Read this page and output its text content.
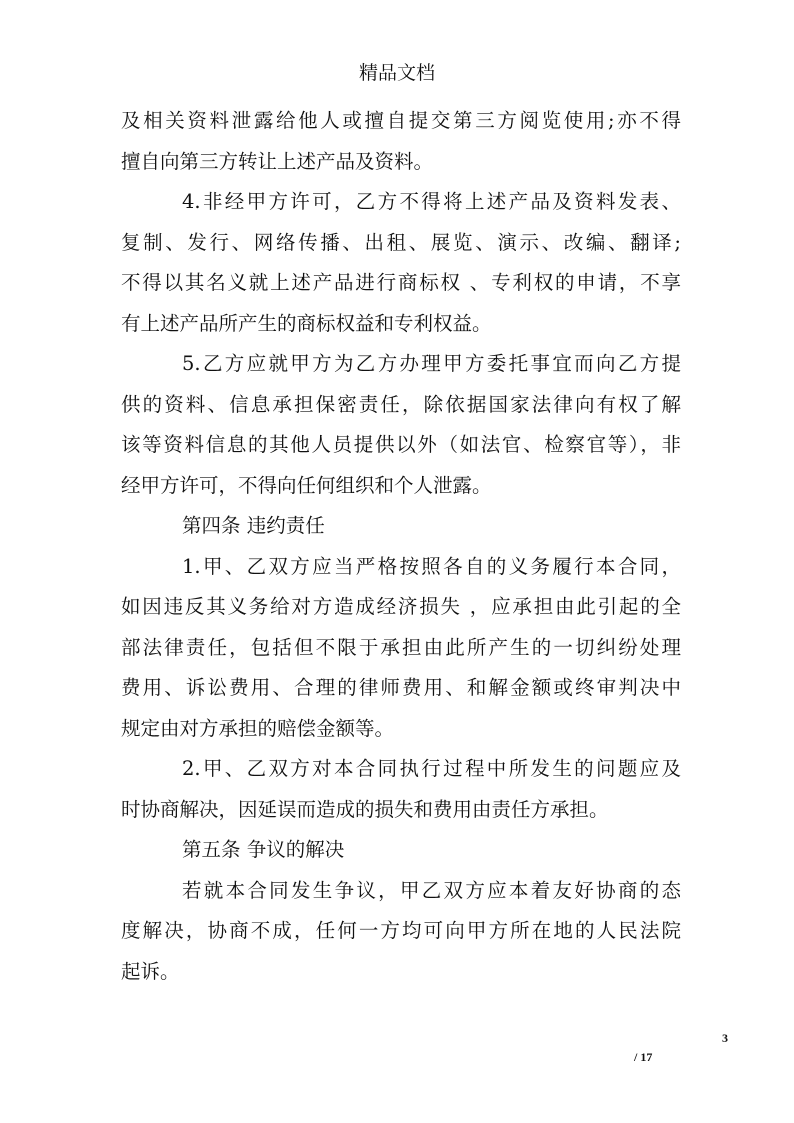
精品文档
及相关资料泄露给他人或擅自提交第三方阅览使用;亦不得
擅自向第三方转让上述产品及资料。
4.非经甲方许可，乙方不得将上述产品及资料发表、
复制、发行、网络传播、出租、展览、演示、改编、翻译;
不得以其名义就上述产品进行商标权 、专利权的申请，不享
有上述产品所产生的商标权益和专利权益。
5.乙方应就甲方为乙方办理甲方委托事宜而向乙方提
供的资料、信息承担保密责任，除依据国家法律向有权了解
该等资料信息的其他人员提供以外（如法官、检察官等），非
经甲方许可，不得向任何组织和个人泄露。
第四条 违约责任
1.甲、乙双方应当严格按照各自的义务履行本合同，
如因违反其义务给对方造成经济损失 ，应承担由此引起的全
部法律责任，包括但不限于承担由此所产生的一切纠纷处理
费用、诉讼费用、合理的律师费用、和解金额或终审判决中
规定由对方承担的赔偿金额等。
2.甲、乙双方对本合同执行过程中所发生的问题应及
时协商解决，因延误而造成的损失和费用由责任方承担。
第五条 争议的解决
若就本合同发生争议，甲乙双方应本着友好协商的态
度解决，协商不成，任何一方均可向甲方所在地的人民法院
起诉。
3
/ 17
